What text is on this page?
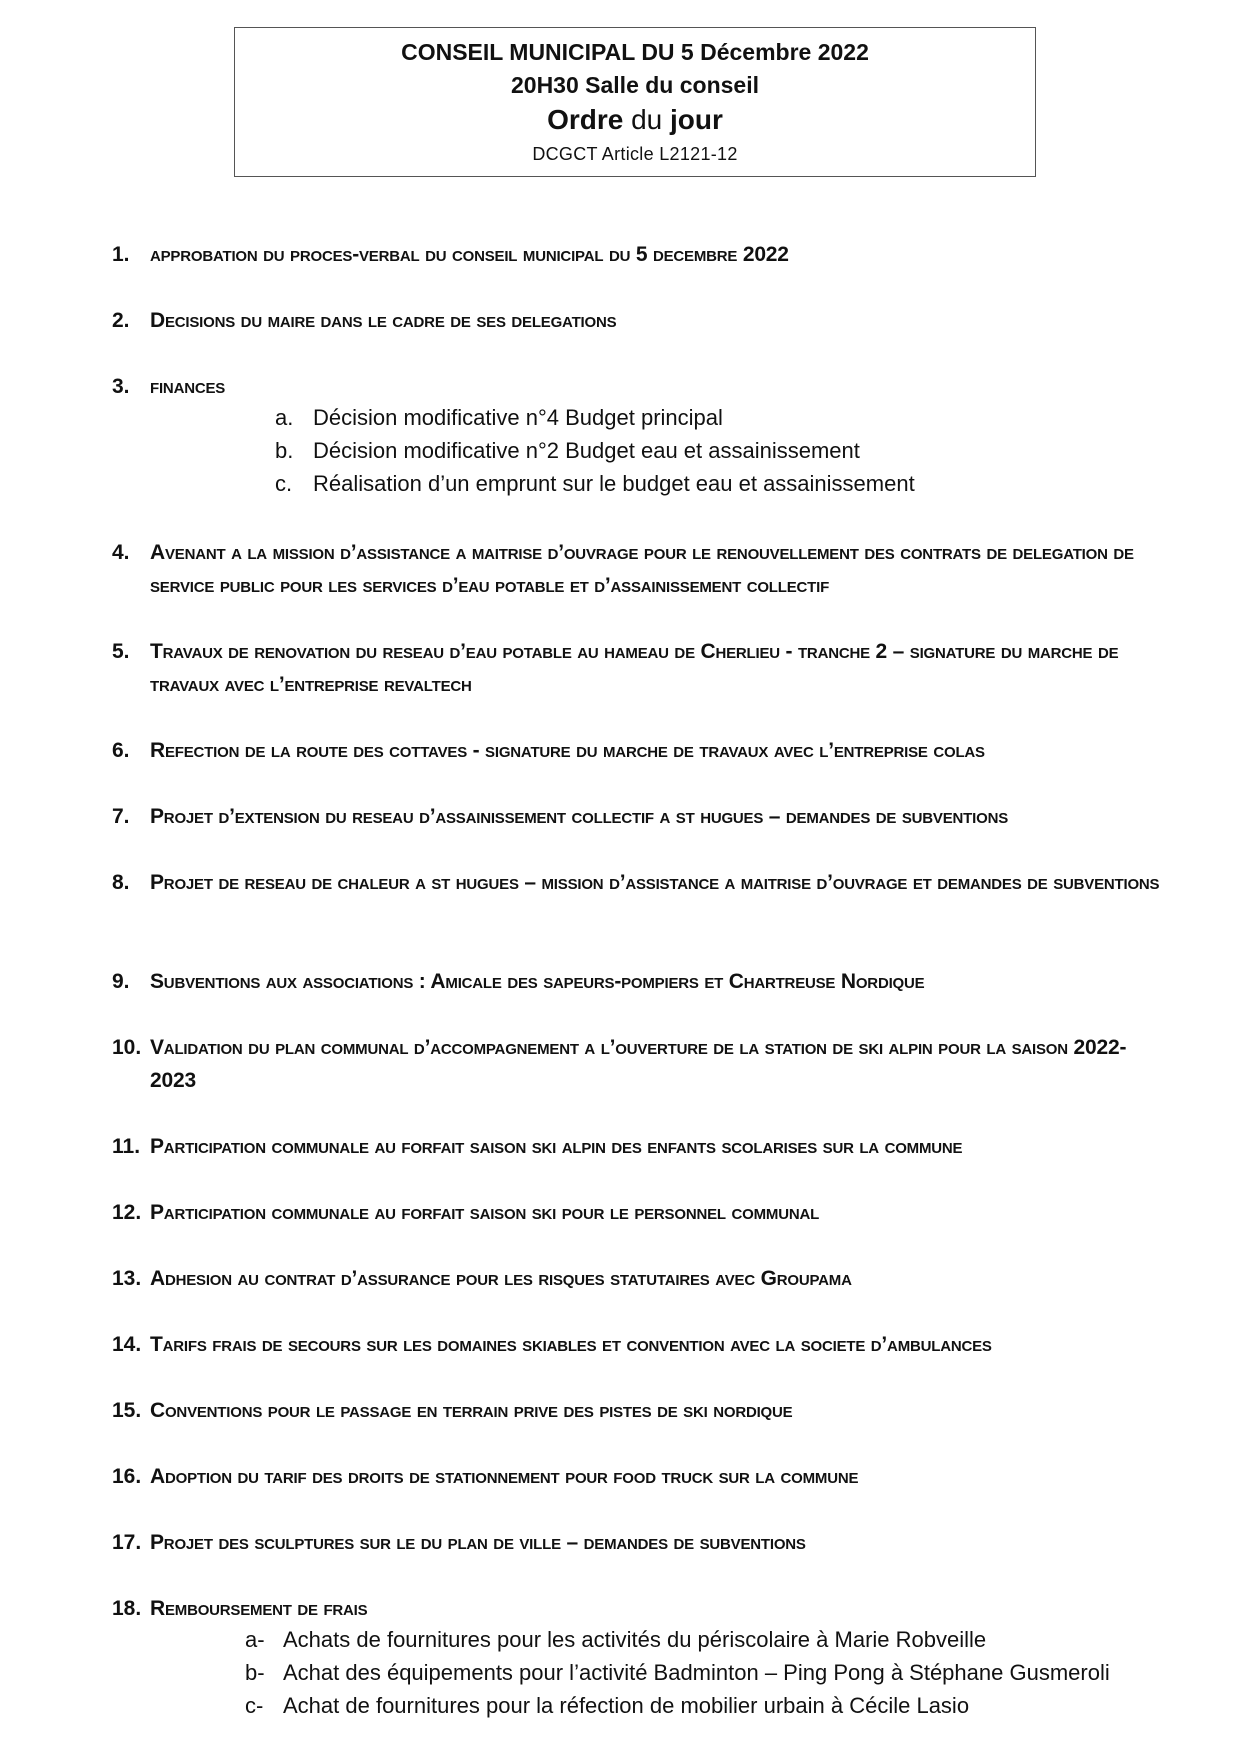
CONSEIL MUNICIPAL DU 5 Décembre 2022
20H30 Salle du conseil
Ordre du jour
DCGCT Article L2121-12
1. approbation du proces-verbal du conseil municipal du 5 decembre 2022
2. Decisions du maire dans le cadre de ses delegations
3. finances
a. Décision modificative n°4 Budget principal
b. Décision modificative n°2 Budget eau et assainissement
c. Réalisation d’un emprunt sur le budget eau et assainissement
4. Avenant a la mission d’assistance a maitrise d’ouvrage pour le renouvellement des contrats de delegation de service public pour les services d’eau potable et d’assainissement collectif
5. Travaux de renovation du reseau d’eau potable au hameau de Cherlieu - tranche 2 – signature du marche de travaux avec l’entreprise revaltech
6. Refection de la route des cottaves - signature du marche de travaux avec l’entreprise colas
7. Projet d’extension du reseau d’assainissement collectif a st hugues – demandes de subventions
8. Projet de reseau de chaleur a st hugues – mission d’assistance a maitrise d’ouvrage et demandes de subventions
9. Subventions aux associations : Amicale des sapeurs-pompiers et Chartreuse Nordique
10. Validation du plan communal d’accompagnement a l’ouverture de la station de ski alpin pour la saison 2022-2023
11. Participation communale au forfait saison ski alpin des enfants scolarises sur la commune
12. Participation communale au forfait saison ski pour le personnel communal
13. Adhesion au contrat d’assurance pour les risques statutaires avec Groupama
14. Tarifs frais de secours sur les domaines skiables et convention avec la societe d’ambulances
15. Conventions pour le passage en terrain prive des pistes de ski nordique
16. Adoption du tarif des droits de stationnement pour food truck sur la commune
17. Projet des sculptures sur le du plan de ville – demandes de subventions
18. Remboursement de frais
a- Achats de fournitures pour les activités du périscolaire à Marie Robveille
b- Achat des équipements pour l’activité Badminton – Ping Pong à Stéphane Gusmeroli
c- Achat de fournitures pour la réfection de mobilier urbain à Cécile Lasio
